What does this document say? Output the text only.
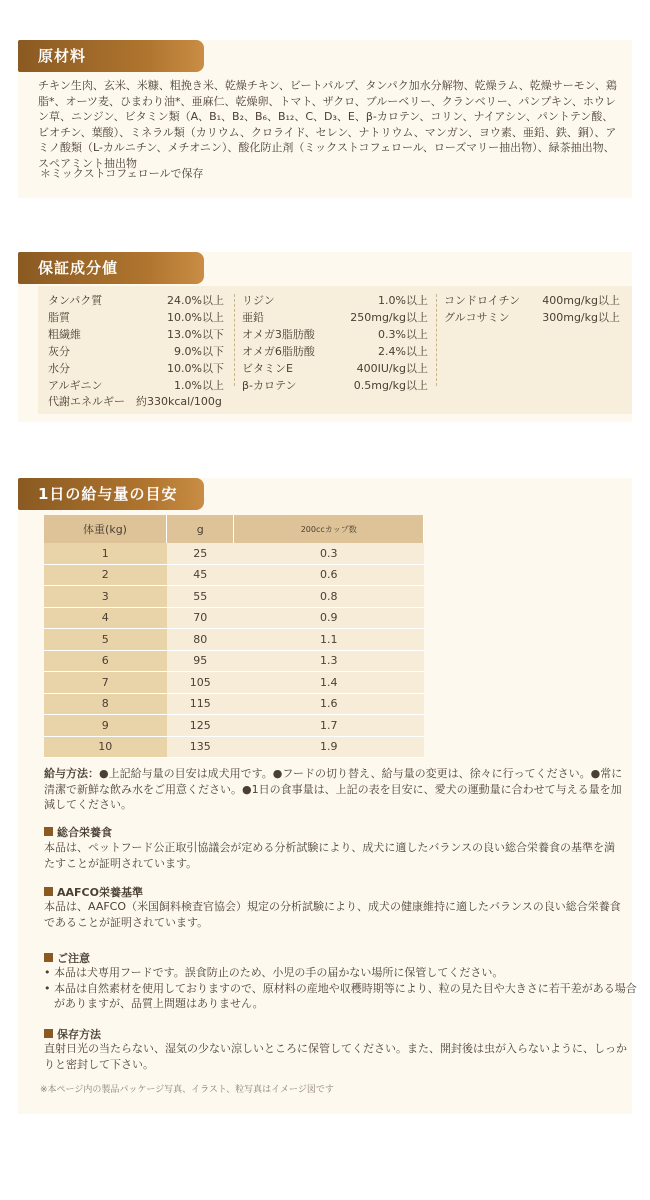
原材料
チキン生肉、玄米、米糠、粗挽き米、乾燥チキン、ビートパルプ、タンパク加水分解物、乾燥ラム、乾燥サーモン、鶏脂*、オーツ麦、ひまわり油*、亜麻仁、乾燥卵、トマト、ザクロ、ブルーベリー、クランベリー、パンプキン、ホウレン草、ニンジン、ビタミン類（A、B₁、B₂、B₆、B₁₂、C、D₃、E、β-カロテン、コリン、ナイアシン、パントテン酸、ビオチン、葉酸）、ミネラル類（カリウム、クロライド、セレン、ナトリウム、マンガン、ヨウ素、亜鉛、鉄、銅）、アミノ酸類（L-カルニチン、メチオニン）、酸化防止剤（ミックストコフェロール、ローズマリー抽出物）、緑茶抽出物、スペアミント抽出物
＊ミックストコフェロールで保存
保証成分値
タンパク質	24.0%以上
脂質	10.0%以上
粗繊維	13.0%以下
灰分	9.0%以下
水分	10.0%以下
アルギニン	1.0%以上
リジン	1.0%以上
亜鉛	250mg/kg以上
オメガ3脂肪酸	0.3%以上
オメガ6脂肪酸	2.4%以上
ビタミンE	400IU/kg以上
β-カロテン	0.5mg/kg以上
コンドロイチン 400mg/kg以上
グルコサミン	300mg/kg以上
代謝エネルギー　約330kcal/100g
1日の給与量の目安
体重(kg)	g	200ccカップ数
1	25	0.3
2	45	0.6
3	55	0.8
4	70	0.9
5	80	1.1
6	95	1.3
7	105	1.4
8	115	1.6
9	125	1.7
10	135	1.9
給与方法：●上記給与量の目安は成犬用です。●フードの切り替え、給与量の変更は、徐々に行ってください。●常に清潔で新鮮な飲み水をご用意ください。●1日の食事量は、上記の表を目安に、愛犬の運動量に合わせて与える量を加減してください。
総合栄養食
本品は、ペットフード公正取引協議会が定める分析試験により、成犬に適したバランスの良い総合栄養食の基準を満たすことが証明されています。
AAFCO栄養基準
本品は、AAFCO（米国飼料検査官協会）規定の分析試験により、成犬の健康維持に適したバランスの良い総合栄養食であることが証明されています。
ご注意
• 本品は犬専用フードです。誤食防止のため、小児の手の届かない場所に保管してください。
• 本品は自然素材を使用しておりますので、原材料の産地や収穫時期等により、粒の見た目や大きさに若干差がある場合がありますが、品質上問題はありません。
保存方法
直射日光の当たらない、湿気の少ない涼しいところに保管してください。また、開封後は虫が入らないように、しっかりと密封して下さい。
※本ページ内の製品パッケージ写真、イラスト、粒写真はイメージ図です
